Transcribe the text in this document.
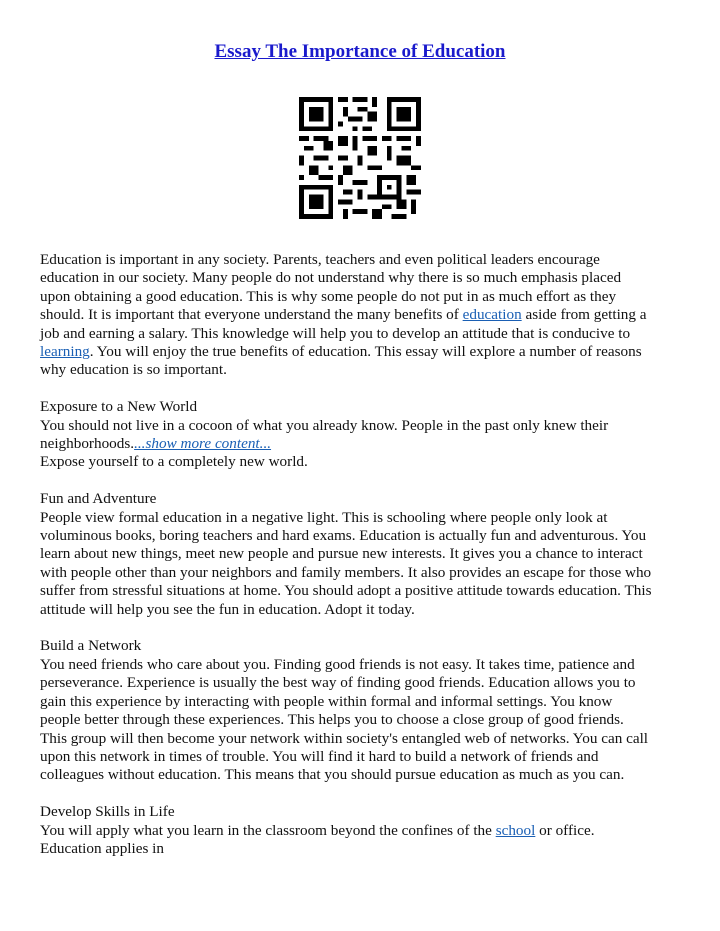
Essay The Importance of Education

Education is important in any society. Parents, teachers and even political leaders encourage
education in our society. Many people do not understand why there is so much emphasis placed
upon obtaining a good education. This is why some people do not put in as much effort as they
should. It is important that everyone understand the many benefits of education aside from getting a
job and earning a salary. This knowledge will help you to develop an attitude that is conducive to
learning. You will enjoy the true benefits of education. This essay will explore a number of reasons
why education is so important.

Exposure to a New World
You should not live in a cocoon of what you already know. People in the past only knew their
neighborhoods....show more content...
Expose yourself to a completely new world.

Fun and Adventure
People view formal education in a negative light. This is schooling where people only look at
voluminous books, boring teachers and hard exams. Education is actually fun and adventurous. You
learn about new things, meet new people and pursue new interests. It gives you a chance to interact
with people other than your neighbors and family members. It also provides an escape for those who
suffer from stressful situations at home. You should adopt a positive attitude towards education. This
attitude will help you see the fun in education. Adopt it today.

Build a Network
You need friends who care about you. Finding good friends is not easy. It takes time, patience and
perseverance. Experience is usually the best way of finding good friends. Education allows you to
gain this experience by interacting with people within formal and informal settings. You know
people better through these experiences. This helps you to choose a close group of good friends.
This group will then become your network within society's entangled web of networks. You can call
upon this network in times of trouble. You will find it hard to build a network of friends and
colleagues without education. This means that you should pursue education as much as you can.

Develop Skills in Life
You will apply what you learn in the classroom beyond the confines of the school or office.
Education applies in
